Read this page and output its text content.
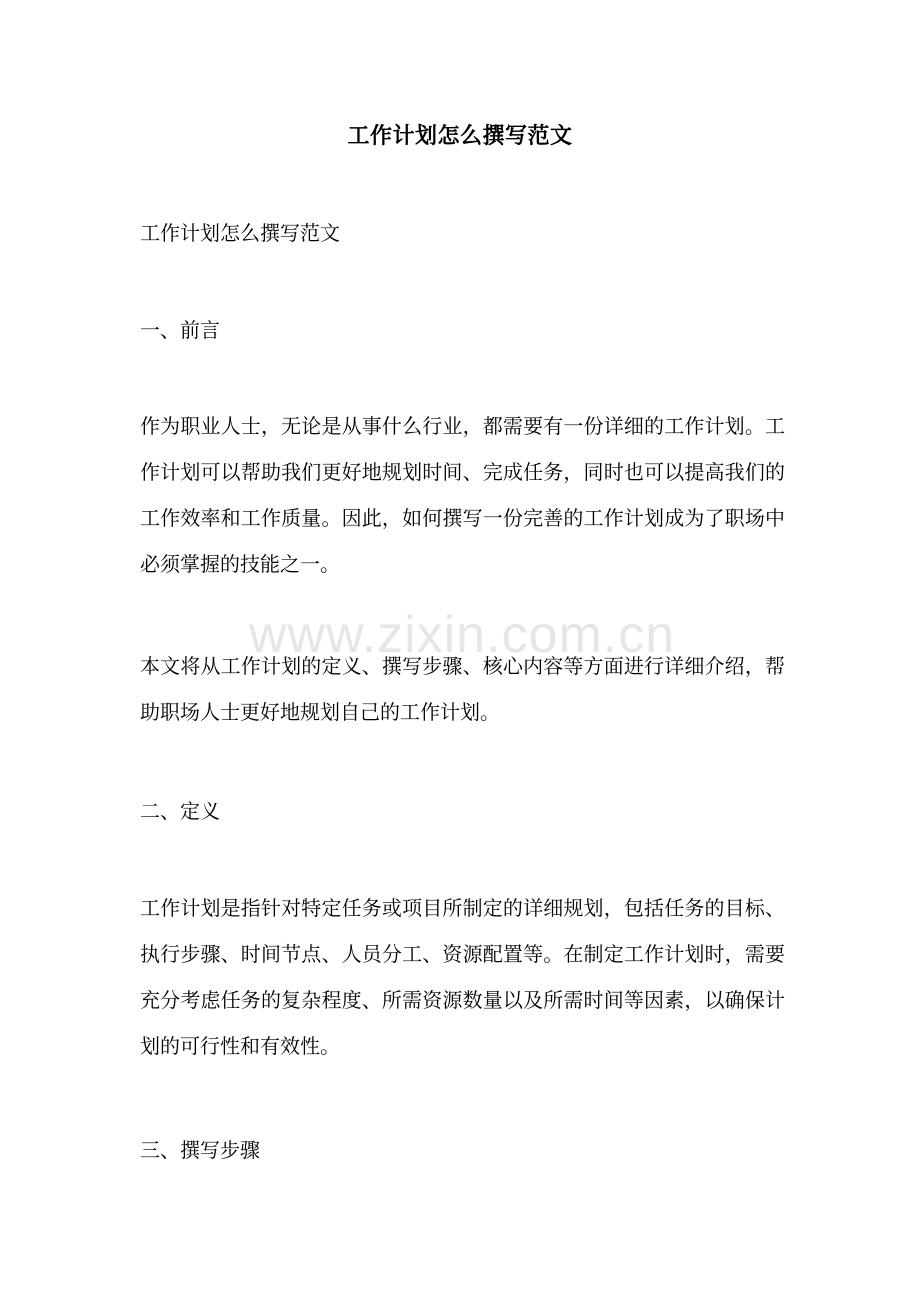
工作计划怎么撰写范文

工作计划怎么撰写范文

一、前言

作为职业人士，无论是从事什么行业，都需要有一份详细的工作计划。工作计划可以帮助我们更好地规划时间、完成任务，同时也可以提高我们的工作效率和工作质量。因此，如何撰写一份完善的工作计划成为了职场中必须掌握的技能之一。

本文将从工作计划的定义、撰写步骤、核心内容等方面进行详细介绍，帮助职场人士更好地规划自己的工作计划。

二、定义

工作计划是指针对特定任务或项目所制定的详细规划，包括任务的目标、执行步骤、时间节点、人员分工、资源配置等。在制定工作计划时，需要充分考虑任务的复杂程度、所需资源数量以及所需时间等因素，以确保计划的可行性和有效性。

三、撰写步骤

www.zixin.com.cn
